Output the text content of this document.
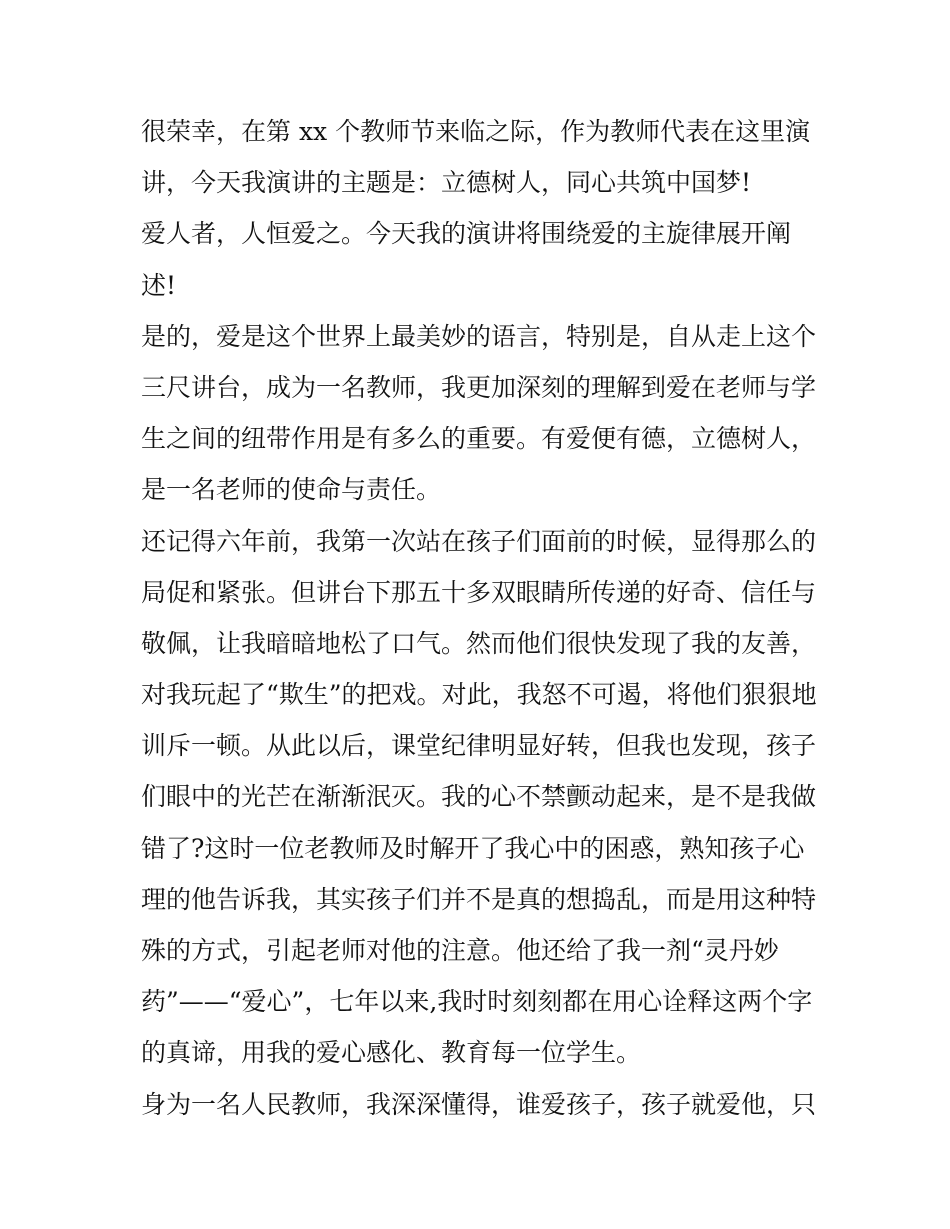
很荣幸，在第 xx 个教师节来临之际，作为教师代表在这里演
讲，今天我演讲的主题是：立德树人，同心共筑中国梦!
爱人者，人恒爱之。今天我的演讲将围绕爱的主旋律展开阐
述!
是的，爱是这个世界上最美妙的语言，特别是，自从走上这个
三尺讲台，成为一名教师，我更加深刻的理解到爱在老师与学
生之间的纽带作用是有多么的重要。有爱便有德，立德树人，
是一名老师的使命与责任。
还记得六年前，我第一次站在孩子们面前的时候，显得那么的
局促和紧张。但讲台下那五十多双眼睛所传递的好奇、信任与
敬佩，让我暗暗地松了口气。然而他们很快发现了我的友善，
对我玩起了“欺生”的把戏。对此，我怒不可遏，将他们狠狠地
训斥一顿。从此以后，课堂纪律明显好转，但我也发现，孩子
们眼中的光芒在渐渐泯灭。我的心不禁颤动起来，是不是我做
错了?这时一位老教师及时解开了我心中的困惑，熟知孩子心
理的他告诉我，其实孩子们并不是真的想捣乱，而是用这种特
殊的方式，引起老师对他的注意。他还给了我一剂“灵丹妙
药”——“爱心”，七年以来,我时时刻刻都在用心诠释这两个字
的真谛，用我的爱心感化、教育每一位学生。
身为一名人民教师，我深深懂得，谁爱孩子，孩子就爱他，只
